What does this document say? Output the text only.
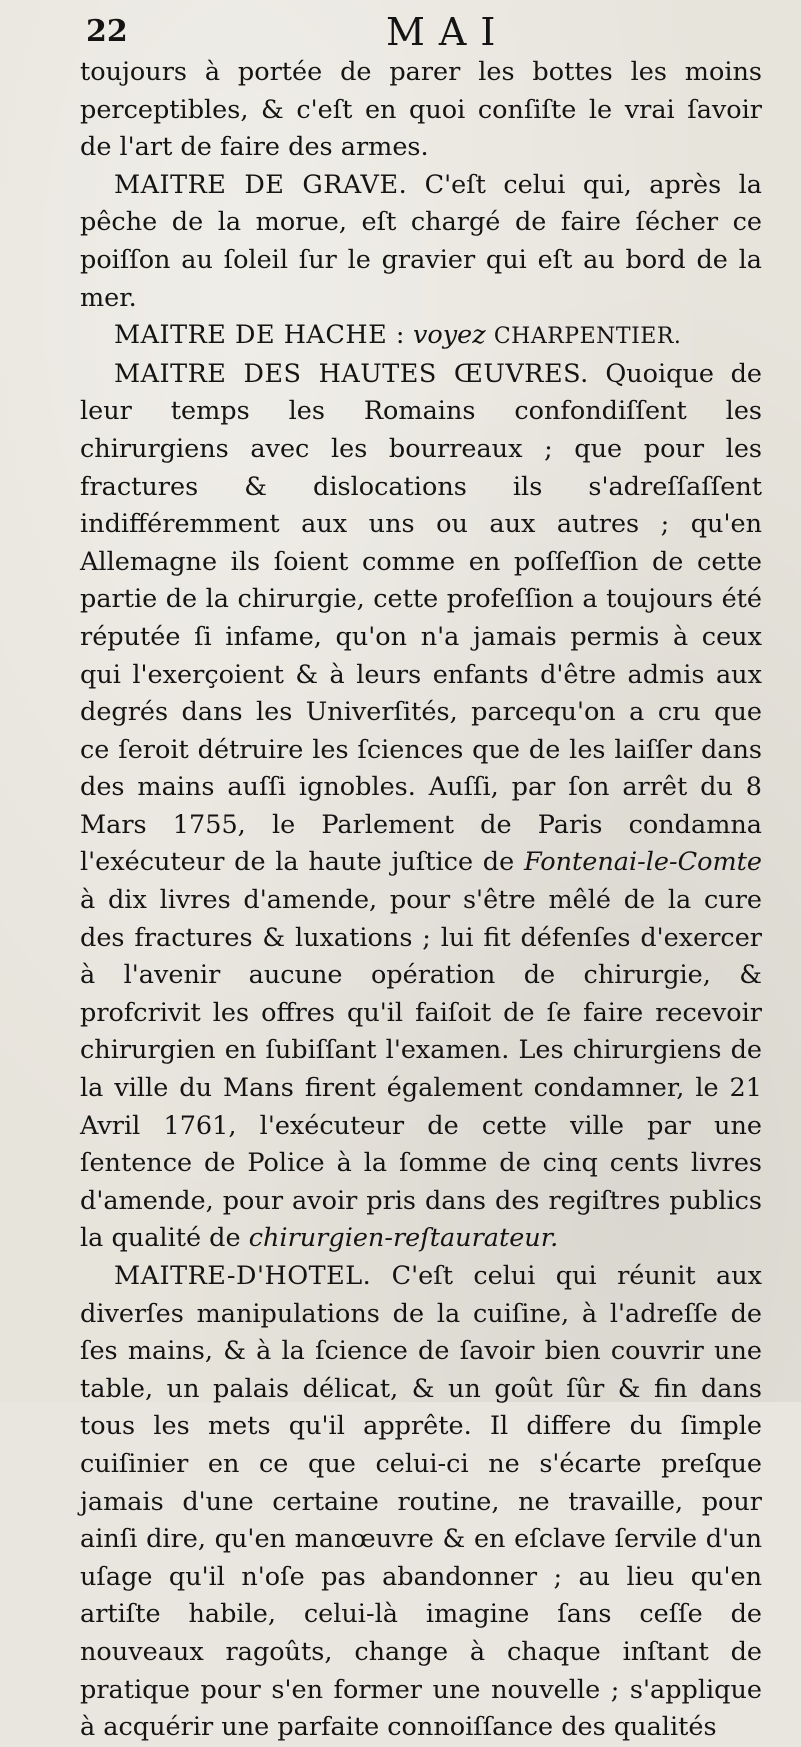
22	MAI

toujours à portée de parer les bottes les moins perceptibles, & c'eſt en quoi conſiſte le vrai ſavoir de l'art de faire des armes.

MAITRE DE GRAVE. C'eſt celui qui, après la pêche de la morue, eſt chargé de faire ſécher ce poiſſon au ſoleil ſur le gravier qui eſt au bord de la mer.

MAITRE DE HACHE : voyez CHARPENTIER.

MAITRE DES HAUTES ŒUVRES. Quoique de leur temps les Romains confondiſſent les chirurgiens avec les bourreaux ; que pour les fractures & dislocations ils s'adreſſaſſent indifféremment aux uns ou aux autres ; qu'en Allemagne ils ſoient comme en poſſeſſion de cette partie de la chirurgie, cette profeſſion a toujours été réputée ſi infame, qu'on n'a jamais permis à ceux qui l'exerçoient & à leurs enfants d'être admis aux degrés dans les Univerſités, parcequ'on a cru que ce ſeroit détruire les ſciences que de les laiſſer dans des mains auſſi ignobles. Auſſi, par ſon arrêt du 8 Mars 1755, le Parlement de Paris condamna l'exécuteur de la haute juſtice de Fontenai-le-Comte à dix livres d'amende, pour s'être mêlé de la cure des fractures & luxations ; lui fit défenſes d'exercer à l'avenir aucune opération de chirurgie, & profcrivit les offres qu'il faiſoit de ſe faire recevoir chirurgien en ſubiſſant l'examen. Les chirurgiens de la ville du Mans firent également condamner, le 21 Avril 1761, l'exécuteur de cette ville par une ſentence de Police à la ſomme de cinq cents livres d'amende, pour avoir pris dans des regiſtres publics la qualité de chirurgien-reſtaurateur.

MAITRE-D'HOTEL. C'eſt celui qui réunit aux diverſes manipulations de la cuiſine, à l'adreſſe de ſes mains, & à la ſcience de ſavoir bien couvrir une table, un palais délicat, & un goût ſûr & fin dans tous les mets qu'il apprête. Il differe du ſimple cuiſinier en ce que celui-ci ne s'écarte preſque jamais d'une certaine routine, ne travaille, pour ainſi dire, qu'en manœuvre & en eſclave ſervile d'un uſage qu'il n'oſe pas abandonner ; au lieu qu'en artiſte habile, celui-là imagine ſans ceſſe de nouveaux ragoûts, change à chaque inſtant de pratique pour s'en former une nouvelle ; s'applique à acquérir une parfaite connoiſſance des qualités
